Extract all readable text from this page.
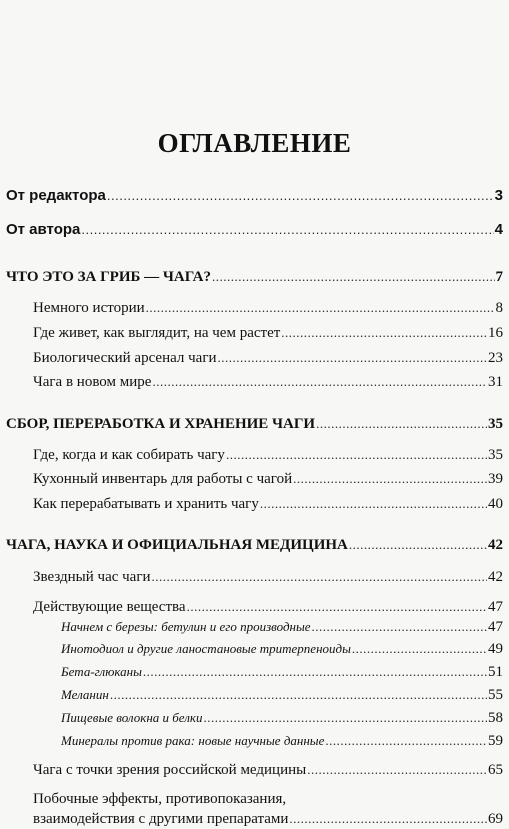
ОГЛАВЛЕНИЕ
От редактора .....	3
От автора .....	4
ЧТО ЭТО ЗА ГРИБ — ЧАГА? .....	7
Немного истории .....	8
Где живет, как выглядит, на чем растет .....	16
Биологический арсенал чаги .....	23
Чага в новом мире .....	31
СБОР, ПЕРЕРАБОТКА И ХРАНЕНИЕ ЧАГИ .....	35
Где, когда и как собирать чагу .....	35
Кухонный инвентарь для работы с чагой .....	39
Как перерабатывать и хранить чагу .....	40
ЧАГА, НАУКА И ОФИЦИАЛЬНАЯ МЕДИЦИНА .....	42
Звездный час чаги .....	42
Действующие вещества .....	47
Начнем с березы: бетулин и его производные .....	47
Инотодиол и другие ланостановые тритерпеноиды .....	49
Бета-глюканы .....	51
Меланин .....	55
Пищевые волокна и белки .....	58
Минералы против рака: новые научные данные .....	59
Чага с точки зрения российской медицины .....	65
Побочные эффекты, противопоказания,
взаимодействия с другими препаратами .....	69
